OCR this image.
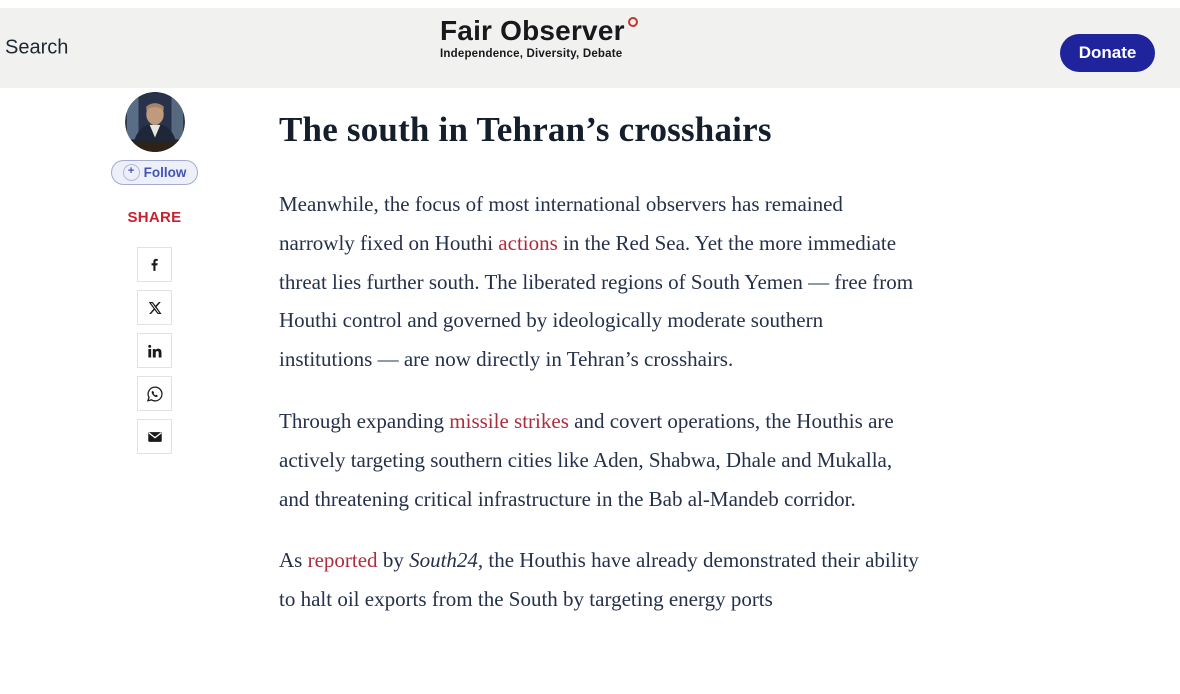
Search
Fair Observer
Independence, Diversity, Debate	Donate
+ Follow
SHARE
The south in Tehran’s crosshairs

Meanwhile, the focus of most international observers has remained narrowly fixed on Houthi actions in the Red Sea. Yet the more immediate threat lies further south. The liberated regions of South Yemen — free from Houthi control and governed by ideologically moderate southern institutions — are now directly in Tehran’s crosshairs.

Through expanding missile strikes and covert operations, the Houthis are actively targeting southern cities like Aden, Shabwa, Dhale and Mukalla, and threatening critical infrastructure in the Bab al-Mandeb corridor.

As reported by South24, the Houthis have already demonstrated their ability to halt oil exports from the South by targeting energy ports
